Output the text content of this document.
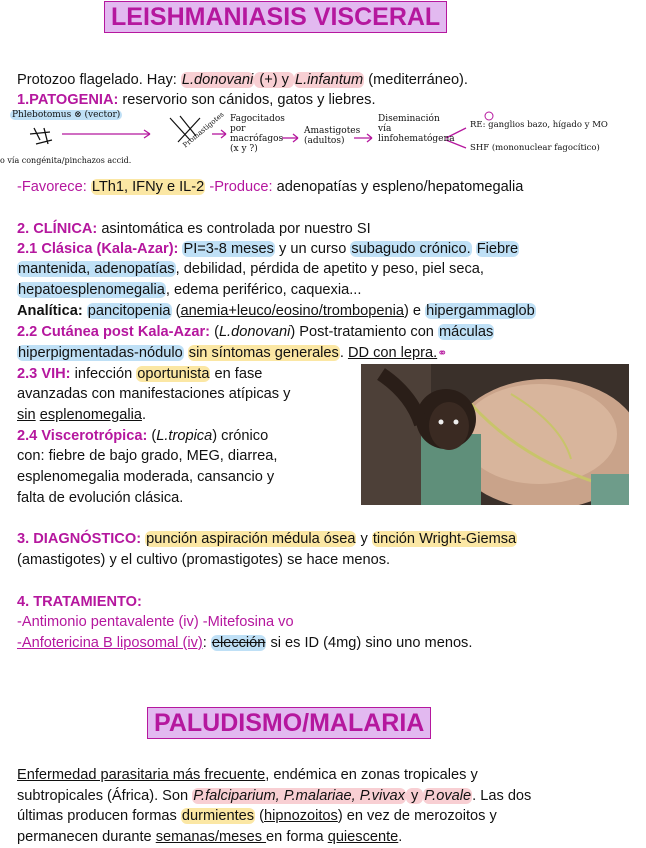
LEISHMANIASIS VISCERAL
Protozoo flagelado. Hay: L.donovani (+) y L.infantum (mediterráneo).
1.PATOGENIA: reservorio son cánidos, gatos y liebres.
Phlebotomus ⊗ (vector)
o vía congénita/pinchazos accid.
Promastigotes Fagocitados por macrófagos (x y ?)
Amastigotes (adultos)
Diseminación vía linfohematógena
RE: ganglios bazo, hígado y MO
SHF (mononuclear fagocítico)
-Favorece: LTh1, IFNy e IL-2 -Produce: adenopatías y espleno/hepatomegalia
2. CLÍNICA: asintomática es controlada por nuestro SI
2.1 Clásica (Kala-Azar): PI=3-8 meses y un curso subagudo crónico. Fiebre
mantenida, adenopatías, debilidad, pérdida de apetito y peso, piel seca,
hepatoesplenomegalia, edema periférico, caquexia...
Analítica: pancitopenia (anemia+leuco/eosino/trombopenia) e hipergammaglob
2.2 Cutánea post Kala-Azar: (L.donovani) Post-tratamiento con máculas
hiperpigmentadas-nódulo sin síntomas generales. DD con lepra.⚭
2.3 VIH: infección oportunista en fase
avanzadas con manifestaciones atípicas y
sin esplenomegalia.
2.4 Viscerotrópica: (L.tropica) crónico
con: fiebre de bajo grado, MEG, diarrea,
esplenomegalia moderada, cansancio y
falta de evolución clásica.
3. DIAGNÓSTICO: punción aspiración médula ósea y tinción Wright-Giemsa
(amastigotes) y el cultivo (promastigotes) se hace menos.
4. TRATAMIENTO:
-Antimonio pentavalente (iv) -Mitefosina vo
-Anfotericina B liposomal (iv): elección si es ID (4mg) sino uno menos.
PALUDISMO/MALARIA
Enfermedad parasitaria más frecuente, endémica en zonas tropicales y
subtropicales (África). Son P.falciparium, P.malariae, P.vivax y P.ovale. Las dos
últimas producen formas durmientes (hipnozoitos) en vez de merozoitos y
permanecen durante semanas/meses en forma quiescente.
